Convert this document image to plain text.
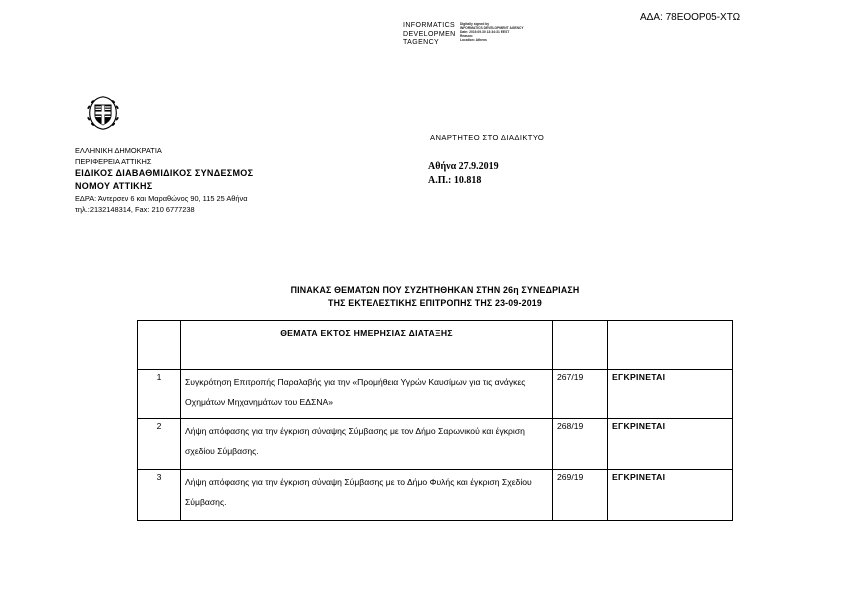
ΑΔΑ: 78ΕΟΟΡ05-ΧΤΩ
INFORMATICS
DEVELOPMEN
TAGENCY
Digitally signed by
INFORMATICS DEVELOPMENT AGENCY
Date: 2019.09.30 13:34:31 EEST
Reason:
Location: Athens
ΕΛΛΗΝΙΚΗ ΔΗΜΟΚΡΑΤΙΑ
ΠΕΡΙΦΕΡΕΙΑ ΑΤΤΙΚΗΣ
ΕΙΔΙΚΟΣ ΔΙΑΒΑΘΜΙΔΙΚΟΣ ΣΥΝΔΕΣΜΟΣ
ΝΟΜΟΥ ΑΤΤΙΚΗΣ
ΕΔΡΑ: Άντερσεν 6 και Μαραθώνος 90, 115 25 Αθήνα
τηλ.:2132148314, Fax: 210 6777238
ΑΝΑΡΤΗΤΕΟ ΣΤΟ ΔΙΑΔΙΚΤΥΟ
Αθήνα 27.9.2019
Α.Π.: 10.818
ΠΙΝΑΚΑΣ ΘΕΜΑΤΩΝ ΠΟΥ ΣΥΖΗΤΗΘΗΚΑΝ ΣΤΗΝ 26η ΣΥΝΕΔΡΙΑΣΗ
ΤΗΣ ΕΚΤΕΛΕΣΤΙΚΗΣ ΕΠΙΤΡΟΠΗΣ ΤΗΣ 23-09-2019
	ΘΕΜΑΤΑ ΕΚΤΟΣ ΗΜΕΡΗΣΙΑΣ ΔΙΑΤΑΞΗΣ		
1	Συγκρότηση Επιτροπής Παραλαβής για την «Προμήθεια Υγρών Καυσίμων για τις ανάγκες Οχημάτων Μηχανημάτων του ΕΔΣΝΑ»	267/19	ΕΓΚΡΙΝΕΤΑΙ
2	Λήψη απόφασης για την έγκριση σύναψης Σύμβασης με τον Δήμο Σαρωνικού και έγκριση σχεδίου Σύμβασης.	268/19	ΕΓΚΡΙΝΕΤΑΙ
3	Λήψη απόφασης για την έγκριση σύναψη Σύμβασης με το Δήμο Φυλής και έγκριση Σχεδίου Σύμβασης.	269/19	ΕΓΚΡΙΝΕΤΑΙ
